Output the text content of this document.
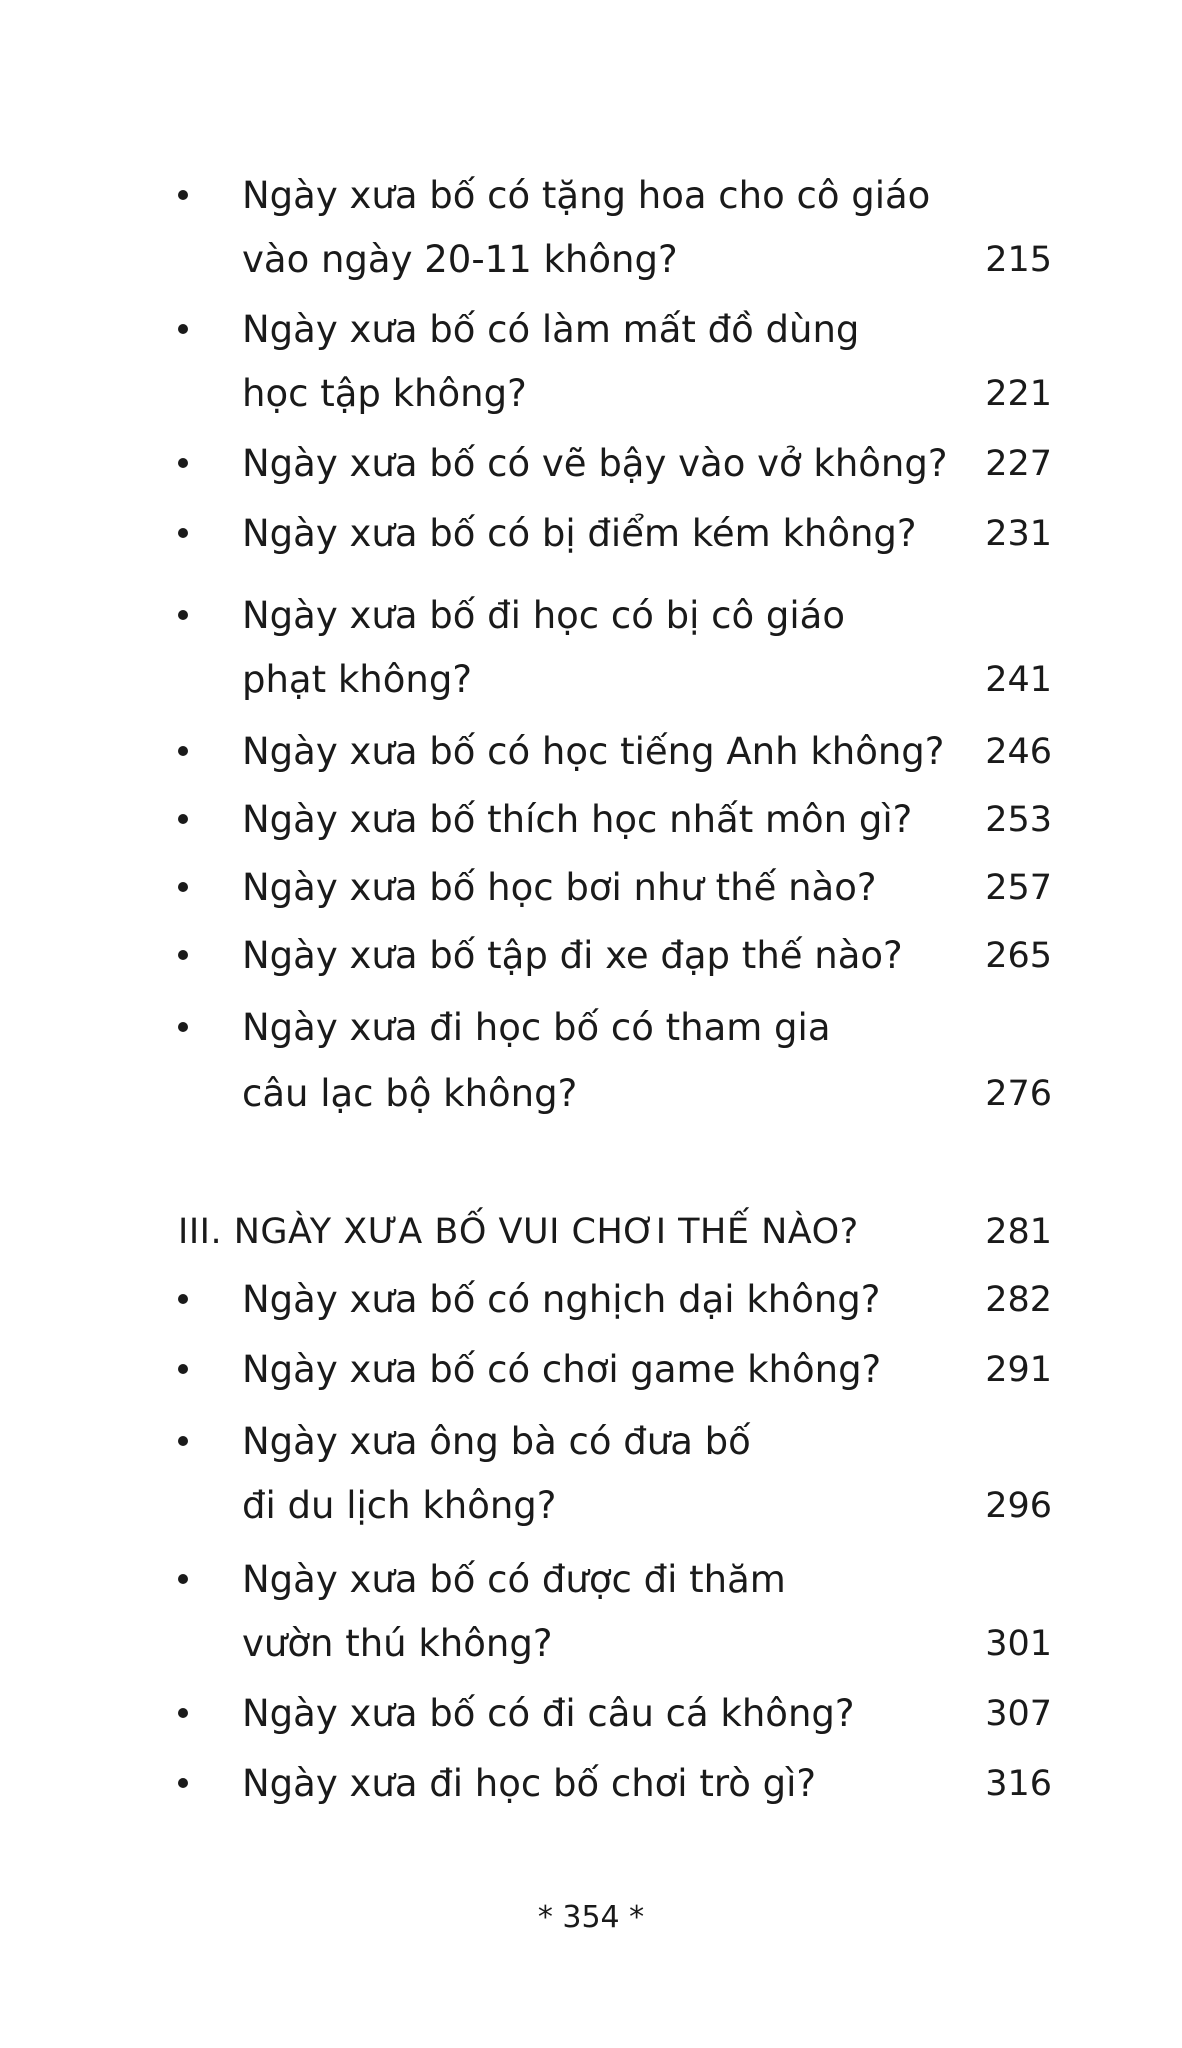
Ngày xưa bố có tặng hoa cho cô giáo
vào ngày 20-11 không?	215
Ngày xưa bố có làm mất đồ dùng
học tập không?	221
Ngày xưa bố có vẽ bậy vào vở không? 227
Ngày xưa bố có bị điểm kém không? 231
Ngày xưa bố đi học có bị cô giáo
phạt không?	241
Ngày xưa bố có học tiếng Anh không? 246
Ngày xưa bố thích học nhất môn gì? 253
Ngày xưa bố học bơi như thế nào?	257
Ngày xưa bố tập đi xe đạp thế nào? 265
Ngày xưa đi học bố có tham gia
câu lạc bộ không?	276
III. NGÀY XƯA BỐ VUI CHƠI THẾ NÀO?	281
Ngày xưa bố có nghịch dại không?	282
Ngày xưa bố có chơi game không?	291
Ngày xưa ông bà có đưa bố
đi du lịch không?	296
Ngày xưa bố có được đi thăm
vườn thú không?	301
Ngày xưa bố có đi câu cá không?	307
Ngày xưa đi học bố chơi trò gì?	316
* 354 *
